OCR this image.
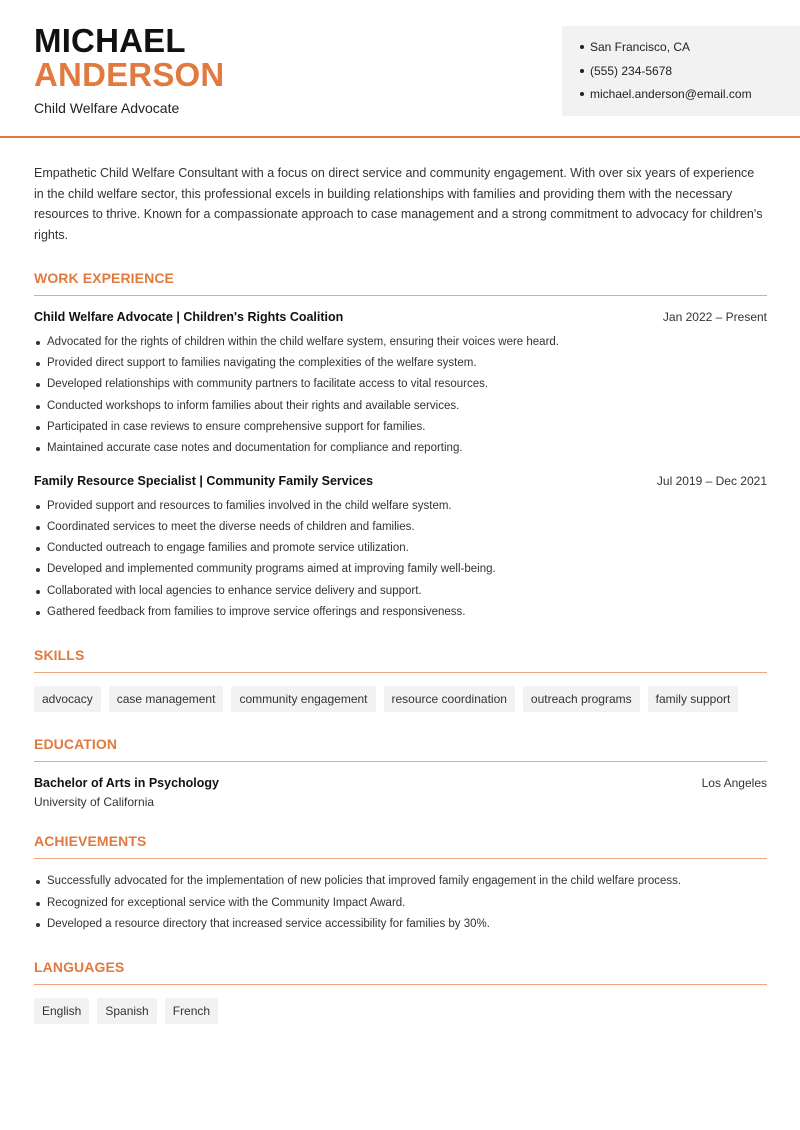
MICHAEL
ANDERSON
Child Welfare Advocate
San Francisco, CA
(555) 234-5678
michael.anderson@email.com

Empathetic Child Welfare Consultant with a focus on direct service and community engagement. With over six years of experience in the child welfare sector, this professional excels in building relationships with families and providing them with the necessary resources to thrive. Known for a compassionate approach to case management and a strong commitment to advocacy for children's rights.

WORK EXPERIENCE
Child Welfare Advocate | Children's Rights Coalition	Jan 2022 – Present
Advocated for the rights of children within the child welfare system, ensuring their voices were heard.
Provided direct support to families navigating the complexities of the welfare system.
Developed relationships with community partners to facilitate access to vital resources.
Conducted workshops to inform families about their rights and available services.
Participated in case reviews to ensure comprehensive support for families.
Maintained accurate case notes and documentation for compliance and reporting.
Family Resource Specialist | Community Family Services	Jul 2019 – Dec 2021
Provided support and resources to families involved in the child welfare system.
Coordinated services to meet the diverse needs of children and families.
Conducted outreach to engage families and promote service utilization.
Developed and implemented community programs aimed at improving family well-being.
Collaborated with local agencies to enhance service delivery and support.
Gathered feedback from families to improve service offerings and responsiveness.
SKILLS
advocacy	case management	community engagement	resource coordination	outreach programs	family support
EDUCATION
Bachelor of Arts in Psychology	Los Angeles
University of California
ACHIEVEMENTS
Successfully advocated for the implementation of new policies that improved family engagement in the child welfare process.
Recognized for exceptional service with the Community Impact Award.
Developed a resource directory that increased service accessibility for families by 30%.
LANGUAGES
English	Spanish	French
